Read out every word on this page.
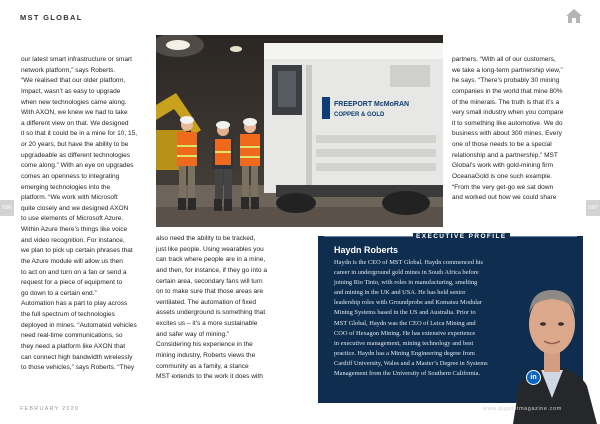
MST GLOBAL
596	597

our latest smart infrastructure or smart

network platform,” says Roberts.

“We realised that our older platform,

Impact, wasn’t as easy to upgrade

when new technologies came along.

With AXON, we knew we had to take

a different view on that. We designed

it so that it could be in a mine for 10, 15,

or 20 years, but have the ability to be

upgradeable as different technologies

come along.” With an eye on upgrades

comes an openness to integrating

emerging technologies into the

platform. “We work with Microsoft

quite closely and we designed AXON

to use elements of Microsoft Azure.

Within Azure there’s things like voice

and video recognition. For instance,

we plan to pick up certain phrases that

the Azure module will allow us then

to act on and turn on a fan or send a

request for a piece of equipment to

go down to a certain end.”

Automation has a part to play across

the full spectrum of technologies

deployed in mines. “Automated vehicles

need real-time communications, so

they need a platform like AXON that

can connect high bandwidth wirelessly

to those vehicles,” says Roberts. “They

also need the ability to be tracked,

just like people. Using wearables you

can track where people are in a mine,

and then, for instance, if they go into a

certain area, secondary fans will turn

on to make sure that those areas are

ventilated. The automation of fixed

assets underground is something that

excites us – it’s a more sustainable

and safer way of mining.”

Considering his experience in the

mining industry, Roberts views the

community as a family, a stance

MST extends to the work it does with

partners. “With all of our customers,

we take a long-term partnership view,”

he says. “There’s probably 30 mining

companies in the world that mine 80%

of the minerals. The truth is that it’s a

very small industry when you compare

it to something like automotive. We do

business with about 300 mines. Every

one of those needs to be a special

relationship and a partnership.” MST

Global’s work with gold-mining firm

OceanaGold is one such example.

“From the very get-go we sat down

and worked out how we could share

FREEPORT McMoRAN
COPPER & GOLD
EXECUTIVE PROFILE
Haydn Roberts

Haydn is the CEO of MST Global. Haydn commenced his

career in underground gold mines in South Africa before

joining Rio Tinto, with roles in manufacturing, smelting

and mining in the UK and USA. He has held senior

leadership roles with Groundprobe and Komatsu Modular

Mining Systems based in the US and Australia. Prior to

MST Global, Haydn was the CEO of Leica Mining and

COO of Hexagon Mining. He has extensive experience

in executive management, mining technology and best

practice. Haydn has a Mining Engineering degree from

Cardiff University, Wales and a Master’s Degree in Systems

Management from the University of Southern California.

in
FEBRUARY 2020	www.gigabitmagazine.com
